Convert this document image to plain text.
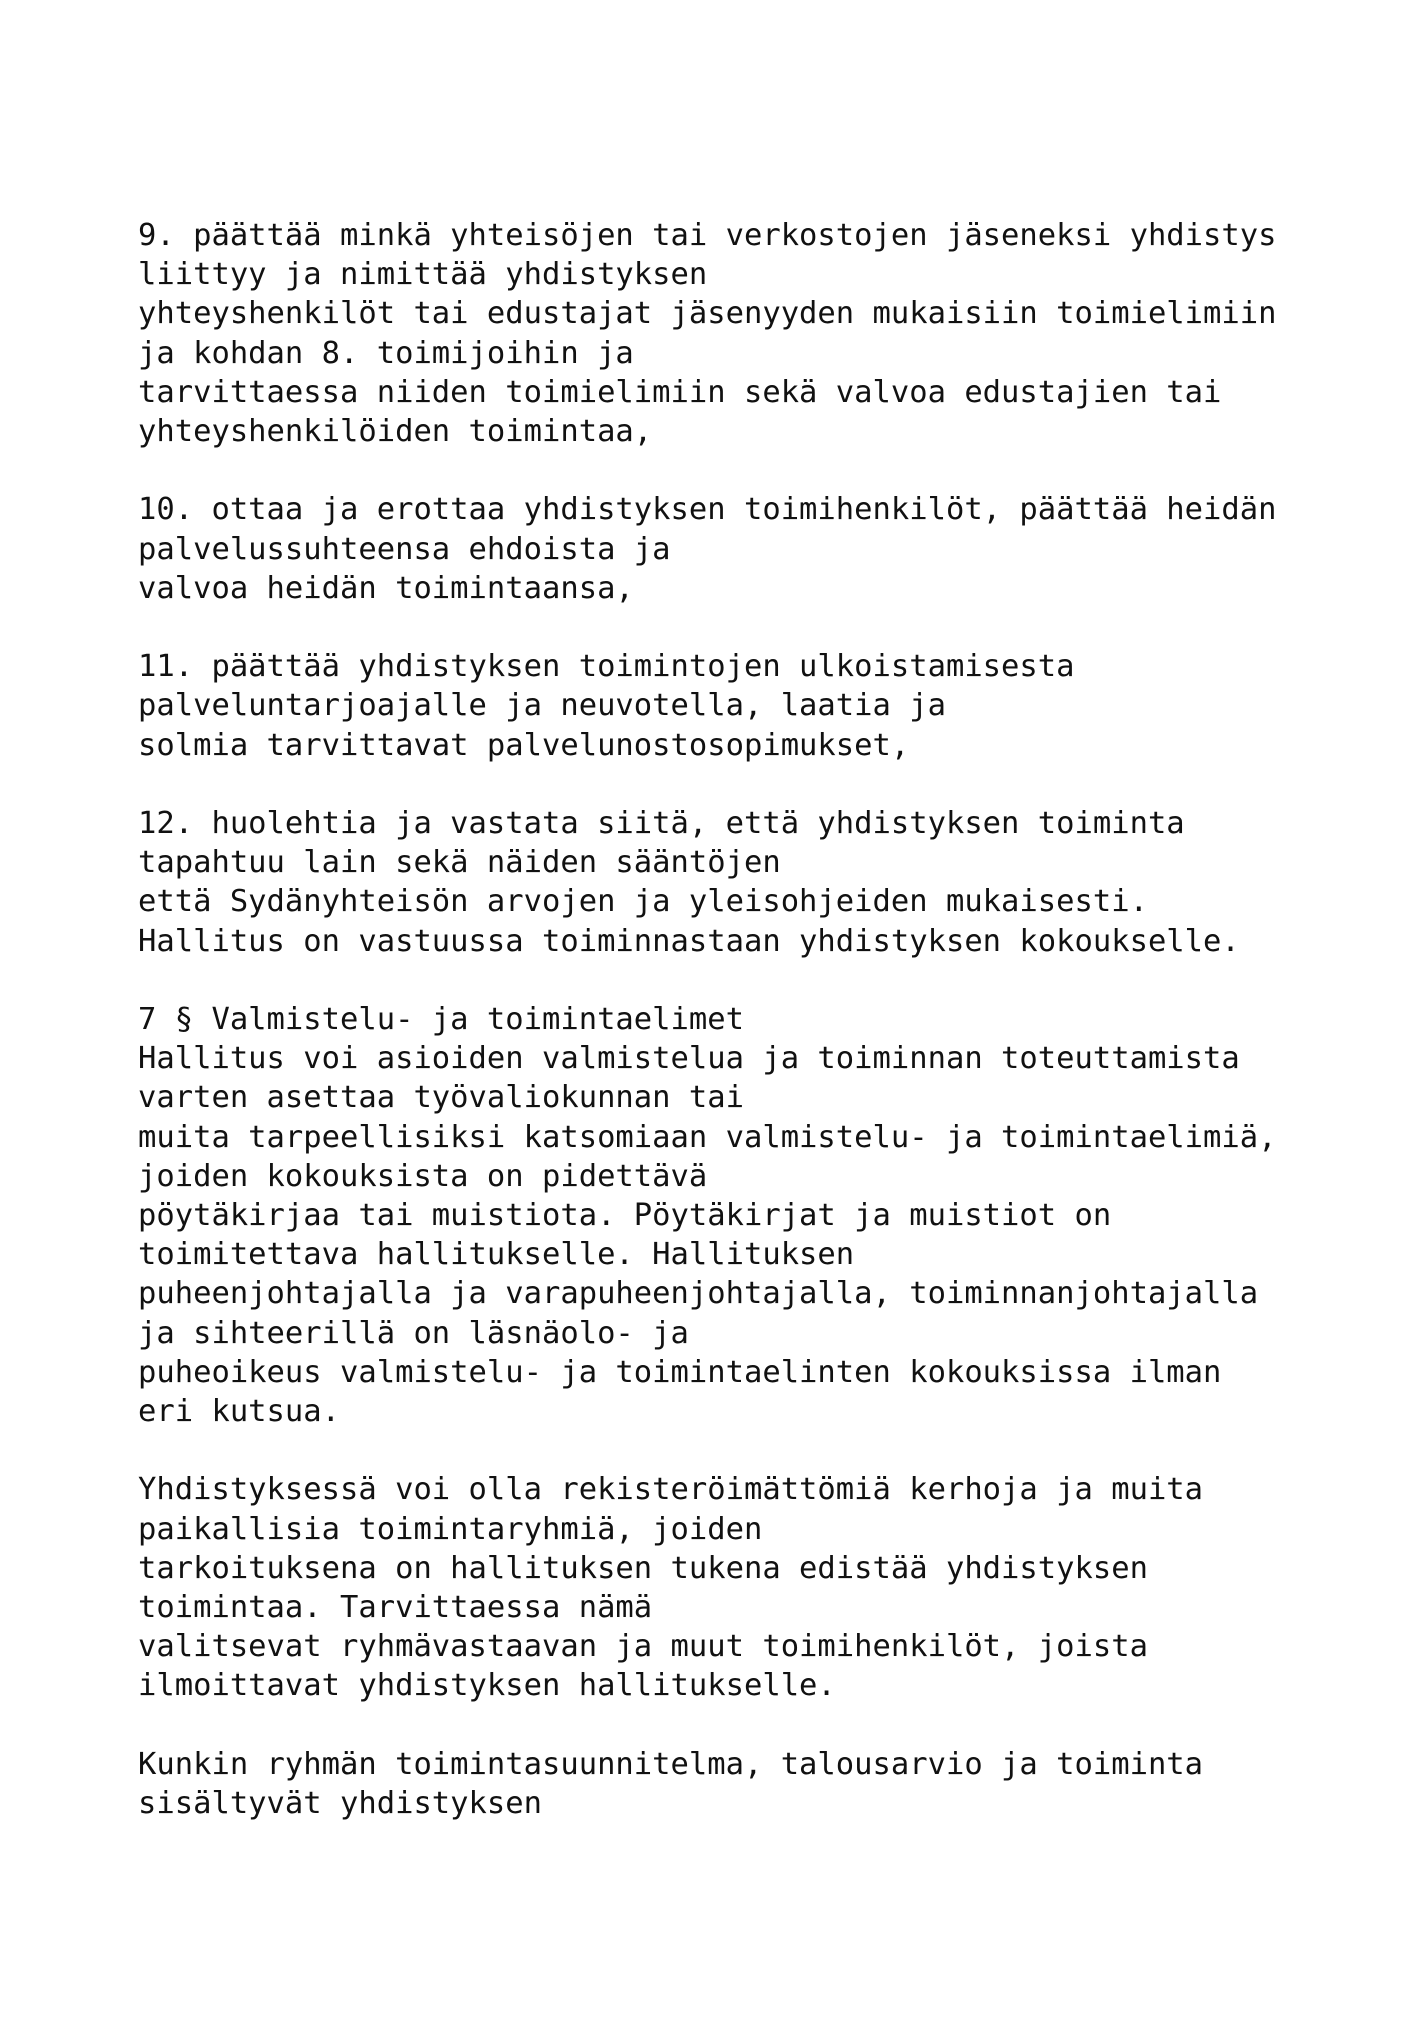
9. päättää minkä yhteisöjen tai verkostojen jäseneksi yhdistys
liittyy ja nimittää yhdistyksen
yhteyshenkilöt tai edustajat jäsenyyden mukaisiin toimielimiin
ja kohdan 8. toimijoihin ja
tarvittaessa niiden toimielimiin sekä valvoa edustajien tai
yhteyshenkilöiden toimintaa,
10. ottaa ja erottaa yhdistyksen toimihenkilöt, päättää heidän
palvelussuhteensa ehdoista ja
valvoa heidän toimintaansa,
11. päättää yhdistyksen toimintojen ulkoistamisesta
palveluntarjoajalle ja neuvotella, laatia ja
solmia tarvittavat palvelunostosopimukset,
12. huolehtia ja vastata siitä, että yhdistyksen toiminta
tapahtuu lain sekä näiden sääntöjen
että Sydänyhteisön arvojen ja yleisohjeiden mukaisesti.
Hallitus on vastuussa toiminnastaan yhdistyksen kokoukselle.
7 § Valmistelu- ja toimintaelimet
Hallitus voi asioiden valmistelua ja toiminnan toteuttamista
varten asettaa työvaliokunnan tai
muita tarpeellisiksi katsomiaan valmistelu- ja toimintaelimiä,
joiden kokouksista on pidettävä
pöytäkirjaa tai muistiota. Pöytäkirjat ja muistiot on
toimitettava hallitukselle. Hallituksen
puheenjohtajalla ja varapuheenjohtajalla, toiminnanjohtajalla
ja sihteerillä on läsnäolo- ja
puheoikeus valmistelu- ja toimintaelinten kokouksissa ilman
eri kutsua.
Yhdistyksessä voi olla rekisteröimättömiä kerhoja ja muita
paikallisia toimintaryhmiä, joiden
tarkoituksena on hallituksen tukena edistää yhdistyksen
toimintaa. Tarvittaessa nämä
valitsevat ryhmävastaavan ja muut toimihenkilöt, joista
ilmoittavat yhdistyksen hallitukselle.
Kunkin ryhmän toimintasuunnitelma, talousarvio ja toiminta
sisältyvät yhdistyksen
